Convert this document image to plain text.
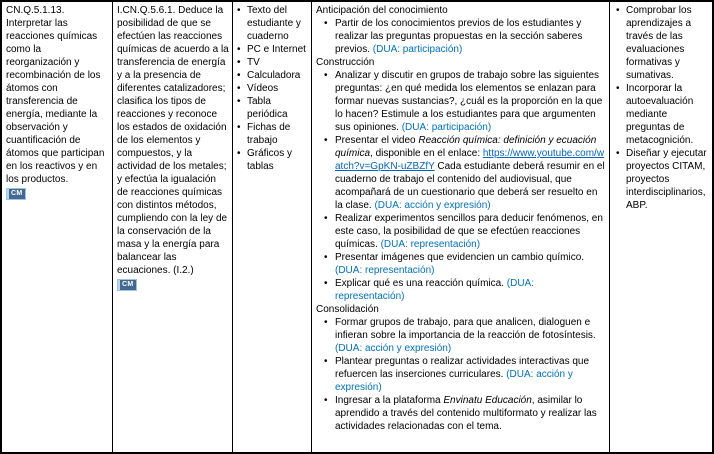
CN.Q.5.1.13. Interpretar las reacciones químicas como la reorganización y recombinación de los átomos con transferencia de energía, mediante la observación y cuantificación de átomos que participan en los reactivos y en los productos.

CM

I.CN.Q.5.6.1. Deduce la posibilidad de que se efectúen las reacciones químicas de acuerdo a la transferencia de energía y a la presencia de diferentes catalizadores; clasifica los tipos de reacciones y reconoce los estados de oxidación de los elementos y compuestos, y la actividad de los metales; y efectúa la igualación de reacciones químicas con distintos métodos, cumpliendo con la ley de la conservación de la masa y la energía para balancear las ecuaciones. (I.2.)

CM
• Texto del estudiante y cuaderno
• PC e Internet
• TV
• Calculadora
• Vídeos
• Tabla periódica
• Fichas de trabajo
• Gráficos y tablas
Anticipación del conocimiento
• Partir de los conocimientos previos de los estudiantes y realizar las preguntas propuestas en la sección saberes previos. (DUA: participación)
Construcción
• Analizar y discutir en grupos de trabajo sobre las siguientes preguntas: ¿en qué medida los elementos se enlazan para formar nuevas sustancias?, ¿cuál es la proporción en la que lo hacen? Estimule a los estudiantes para que argumenten sus opiniones. (DUA: participación)
• Presentar el video Reacción química: definición y ecuación química, disponible en el enlace: https://www.youtube.com/watch?v=GpKN-uZBZfY Cada estudiante deberá resumir en el cuaderno de trabajo el contenido del audiovisual, que acompañará de un cuestionario que deberá ser resuelto en la clase. (DUA: acción y expresión)
• Realizar experimentos sencillos para deducir fenómenos, en este caso, la posibilidad de que se efectúen reacciones químicas. (DUA: representación)
• Presentar imágenes que evidencien un cambio químico. (DUA: representación)
• Explicar qué es una reacción química. (DUA: representación)
Consolidación
• Formar grupos de trabajo, para que analicen, dialoguen e infieran sobre la importancia de la reacción de fotosíntesis. (DUA: acción y expresión)
• Plantear preguntas o realizar actividades interactivas que refuercen las inserciones curriculares. (DUA: acción y expresión)
• Ingresar a la plataforma Envinatu Educación, asimilar lo aprendido a través del contenido multiformato y realizar las actividades relacionadas con el tema.
• Comprobar los aprendizajes a través de las evaluaciones formativas y sumativas.
• Incorporar la autoevaluación mediante preguntas de metacognición.
• Diseñar y ejecutar proyectos CITAM, proyectos interdisciplinarios, ABP.
